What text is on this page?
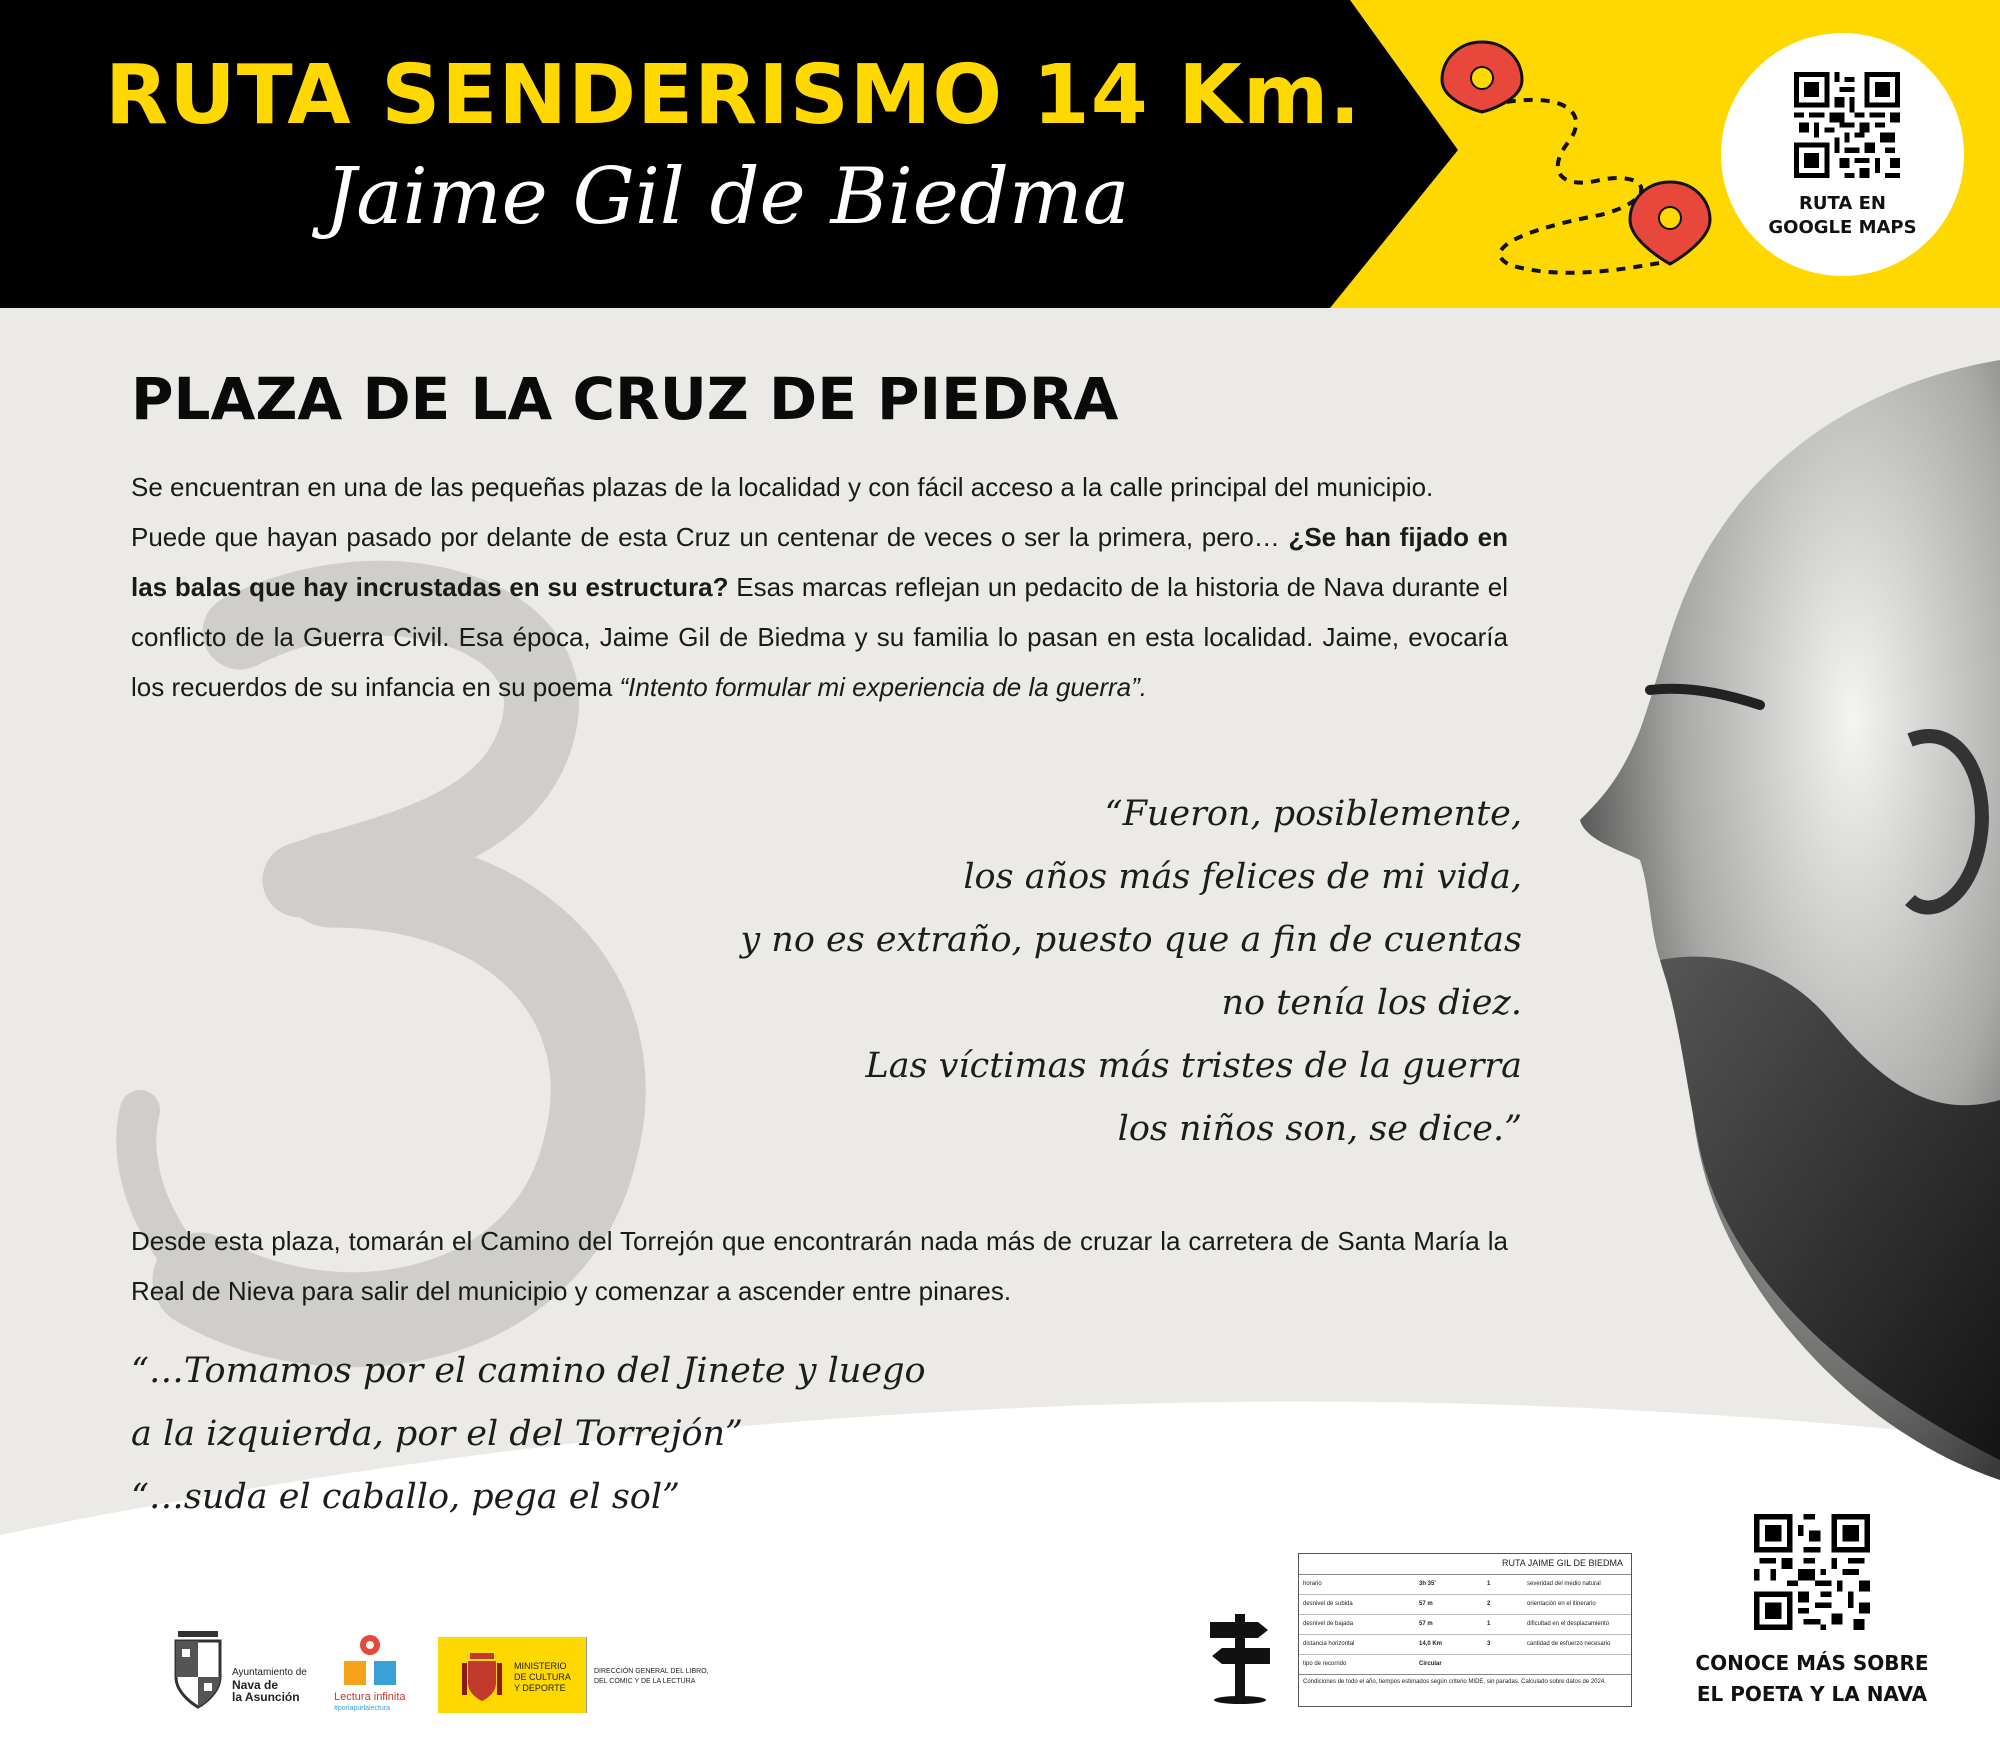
RUTA SENDERISMO 14 Km.
Jaime Gil de Biedma	RUTA EN
GOOGLE MAPS
PLAZA DE LA CRUZ DE PIEDRA

Se encuentran en una de las pequeñas plazas de la localidad y con fácil acceso a la calle principal del municipio.

Puede que hayan pasado por delante de esta Cruz un centenar de veces o ser la primera, pero… ¿Se han fijado en las balas que hay incrustadas en su estructura? Esas marcas reflejan un pedacito de la historia de Nava durante el conflicto de la Guerra Civil. Esa época, Jaime Gil de Biedma y su familia lo pasan en esta localidad. Jaime, evocaría los recuerdos de su infancia en su poema “Intento formular mi experiencia de la guerra”.

“Fueron, posiblemente,
los años más felices de mi vida,
y no es extraño, puesto que a fin de cuentas
no tenía los diez.
Las víctimas más tristes de la guerra
los niños son, se dice.”

Desde esta plaza, tomarán el Camino del Torrejón que encontrarán nada más de cruzar la carretera de Santa María la Real de Nieva para salir del municipio y comenzar a ascender entre pinares.

“…Tomamos por el camino del Jinete y luego
a la izquierda, por el del Torrejón”
“…suda el caballo, pega el sol”
Ayuntamiento de
Nava de
la Asunción	Lectura infinita
#porlapurlalectura
MINISTERIO
DE CULTURA
Y DEPORTE
DIRECCIÓN GENERAL DEL LIBRO,
DEL CÓMIC Y DE LA LECTURA
RUTA JAIME GIL DE BIEDMA
horario	3h 35'	1	severidad del medio natural
desnivel de subida	57 m	2	orientación en el itinerario
desnivel de bajada	57 m	1	dificultad en el desplazamiento
distancia horizontal	14,0 Km	3	cantidad de esfuerzo necesario
tipo de recorrido	Circular
Condiciones de todo el año, tiempos estimados según criterio MIDE, sin paradas. Calculado sobre datos de 2024.
CONOCE MÁS SOBRE
EL POETA Y LA NAVA
